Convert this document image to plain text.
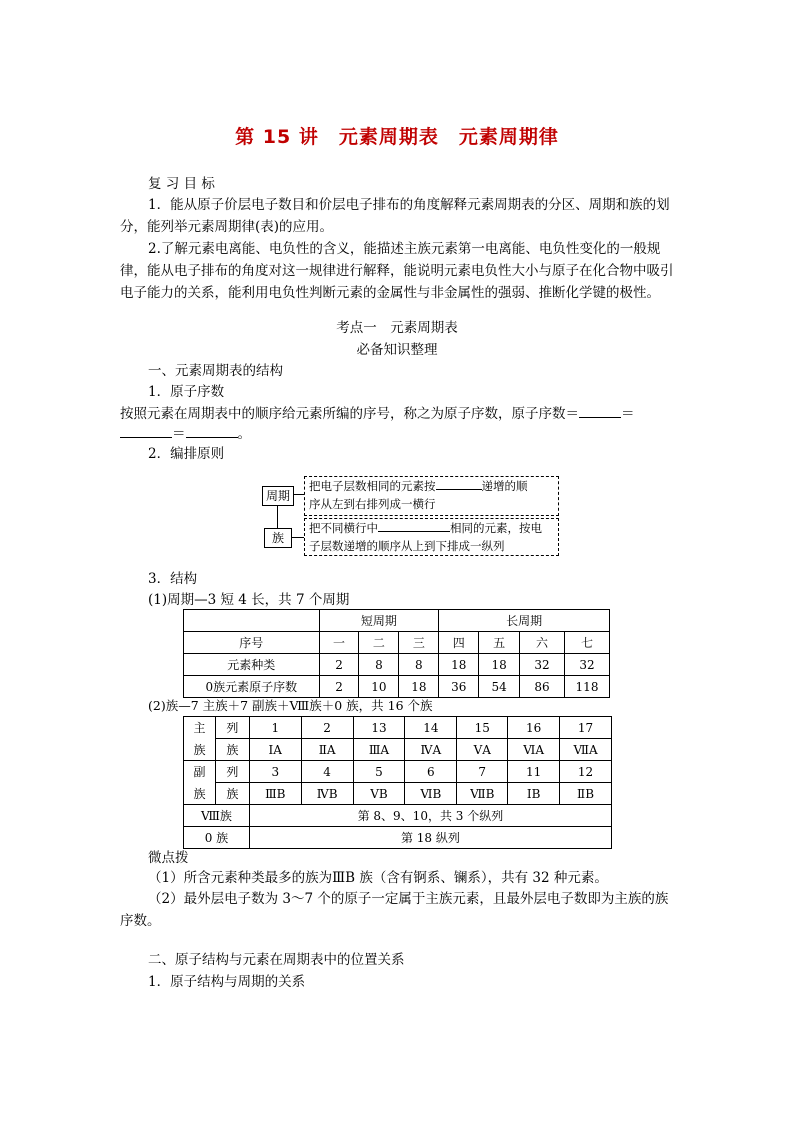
第 15 讲　元素周期表　元素周期律
复 习 目 标
1．能从原子价层电子数目和价层电子排布的角度解释元素周期表的分区、周期和族的划分，能列举元素周期律(表)的应用。
2.了解元素电离能、电负性的含义，能描述主族元素第一电离能、电负性变化的一般规律，能从电子排布的角度对这一规律进行解释，能说明元素电负性大小与原子在化合物中吸引电子能力的关系，能利用电负性判断元素的金属性与非金属性的强弱、推断化学键的极性。
考点一　元素周期表
必备知识整理
一、元素周期表的结构
1．原子序数
按照元素在周期表中的顺序给元素所编的序号，称之为原子序数，原子序数＝	＝
＝	。
2．编排原则
周期
族
把电子层数相同的元素按	递增的顺
序从左到右排列成一横行
把不同横行中	相同的元素，按电
子层数递增的顺序从上到下排成一纵列
3．结构
(1)周期—3 短 4 长，共 7 个周期
	短周期			长周期			
序号	一	二	三	四	五	六	七
元素种类	2	8	8	18	18	32	32
0族元素原子序数	2	10	18	36	54	86	118
(2)族—7 主族＋7 副族＋Ⅷ族＋0 族，共 16 个族
主	列	1	2	13	14	15	16	17
族	族	ⅠA	ⅡA	ⅢA	ⅣA	ⅤA	ⅥA	ⅦA
副	列	3	4	5	6	7	11	12
族	族	ⅢB	ⅣB	ⅤB	ⅥB	ⅦB	ⅠB	ⅡB
Ⅷ族		第 8、9、10，共 3 个纵列						
0 族		第 18 纵列						
微点拨
（1）所含元素种类最多的族为ⅢB 族（含有锕系、镧系），共有 32 种元素。
（2）最外层电子数为 3～7 个的原子一定属于主族元素，且最外层电子数即为主族的族序数。
二、原子结构与元素在周期表中的位置关系
1．原子结构与周期的关系
